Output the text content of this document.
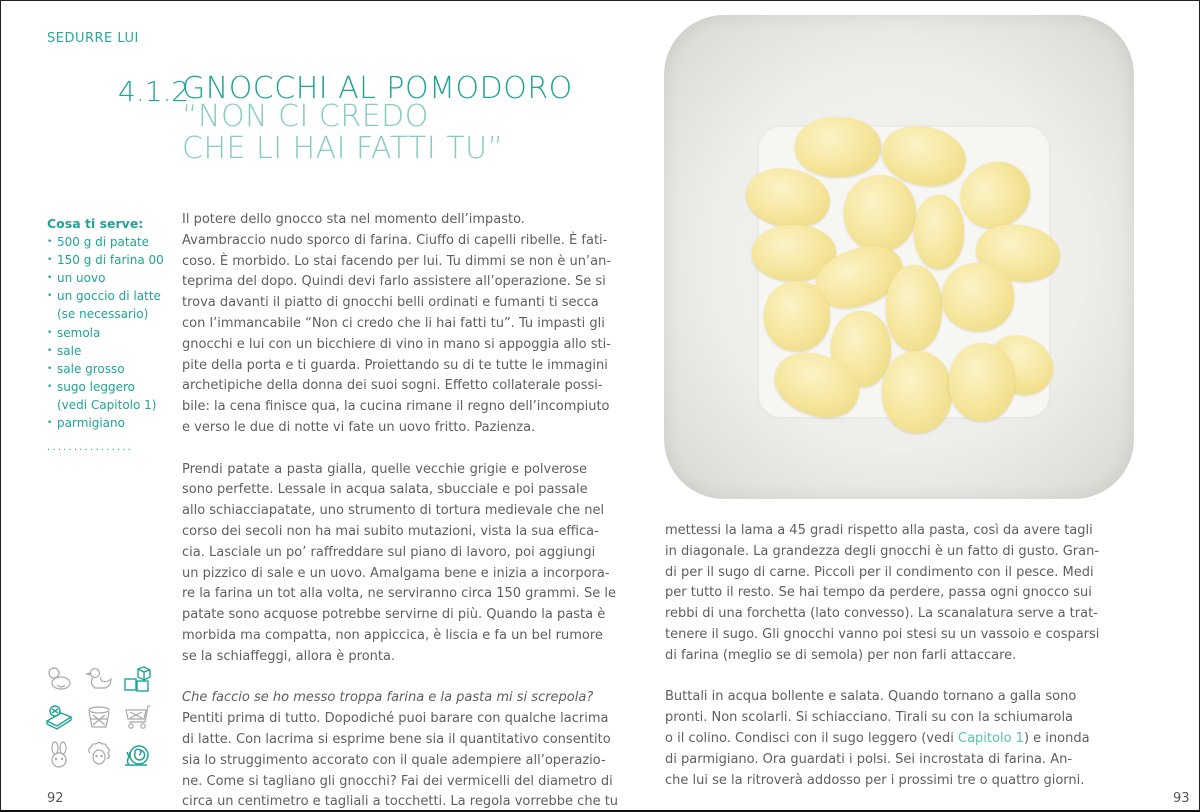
SEDURRE LUI
4.1.2
GNOCCHI AL POMODORO
“NON CI CREDO
CHE LI HAI FATTI TU”
Cosa ti serve:
• 500 g di patate
• 150 g di farina 00
• un uovo
• un goccio di latte
(se necessario)
• semola
• sale
• sale grosso
• sugo leggero
(vedi Capitolo 1)
• parmigiano
................
Il potere dello gnocco sta nel momento dell’impasto.
Avambraccio nudo sporco di farina. Ciuffo di capelli ribelle. È fati-
coso. È morbido. Lo stai facendo per lui. Tu dimmi se non è un’an-
teprima del dopo. Quindi devi farlo assistere all’operazione. Se si
trova davanti il piatto di gnocchi belli ordinati e fumanti ti secca
con l’immancabile “Non ci credo che li hai fatti tu”. Tu impasti gli
gnocchi e lui con un bicchiere di vino in mano si appoggia allo sti-
pite della porta e ti guarda. Proiettando su di te tutte le immagini
archetipiche della donna dei suoi sogni. Effetto collaterale possi-
bile: la cena finisce qua, la cucina rimane il regno dell’incompiuto
e verso le due di notte vi fate un uovo fritto. Pazienza.
Prendi patate a pasta gialla, quelle vecchie grigie e polverose
sono perfette. Lessale in acqua salata, sbucciale e poi passale
allo schiacciapatate, uno strumento di tortura medievale che nel
corso dei secoli non ha mai subito mutazioni, vista la sua effica-
cia. Lasciale un po’ raffreddare sul piano di lavoro, poi aggiungi
un pizzico di sale e un uovo. Amalgama bene e inizia a incorpora-
re la farina un tot alla volta, ne serviranno circa 150 grammi. Se le
patate sono acquose potrebbe servirne di più. Quando la pasta è
morbida ma compatta, non appiccica, è liscia e fa un bel rumore
se la schiaffeggi, allora è pronta.
Che faccio se ho messo troppa farina e la pasta mi si screpola?
Pentiti prima di tutto. Dopodiché puoi barare con qualche lacrima
di latte. Con lacrima si esprime bene sia il quantitativo consentito
sia lo struggimento accorato con il quale adempiere all’operazio-
ne. Come si tagliano gli gnocchi? Fai dei vermicelli del diametro di
circa un centimetro e tagliali a tocchetti. La regola vorrebbe che tu
92
mettessi la lama a 45 gradi rispetto alla pasta, così da avere tagli
in diagonale. La grandezza degli gnocchi è un fatto di gusto. Gran-
di per il sugo di carne. Piccoli per il condimento con il pesce. Medi
per tutto il resto. Se hai tempo da perdere, passa ogni gnocco sui
rebbi di una forchetta (lato convesso). La scanalatura serve a trat-
tenere il sugo. Gli gnocchi vanno poi stesi su un vassoio e cosparsi
di farina (meglio se di semola) per non farli attaccare.
Buttali in acqua bollente e salata. Quando tornano a galla sono
pronti. Non scolarli. Si schiacciano. Tirali su con la schiumarola
o il colino. Condisci con il sugo leggero (vedi Capitolo 1) e inonda
di parmigiano. Ora guardati i polsi. Sei incrostata di farina. An-
che lui se la ritroverà addosso per i prossimi tre o quattro giorni.
93
